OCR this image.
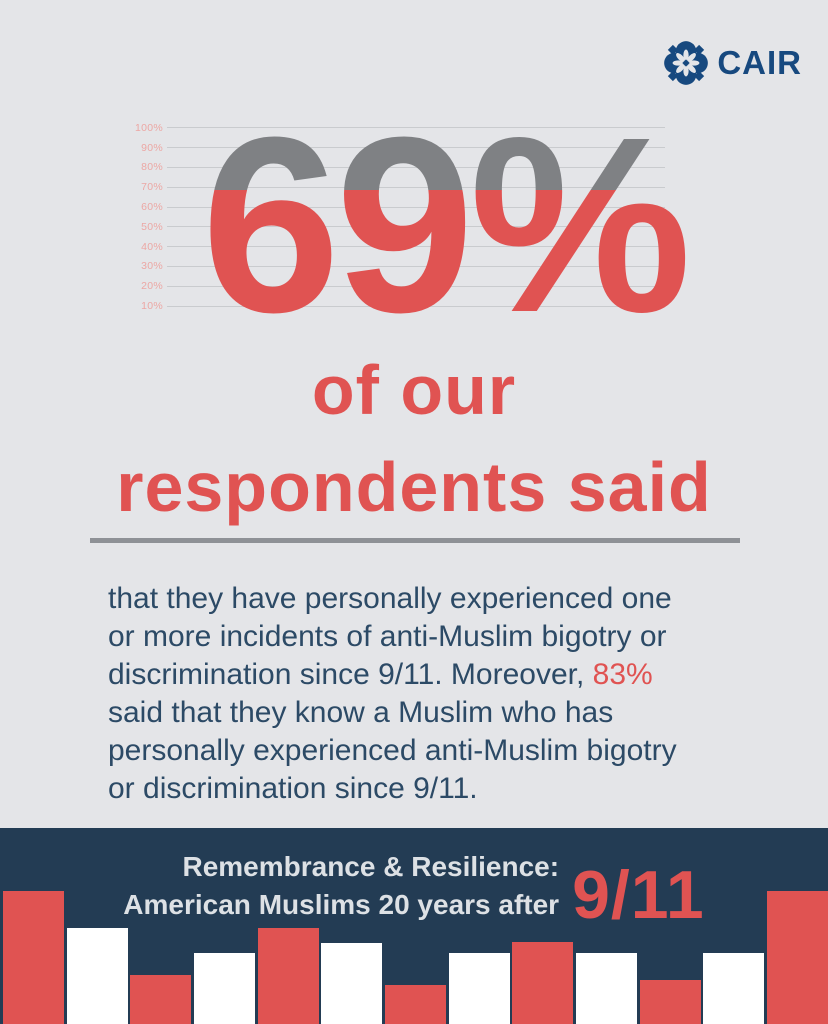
CAIR
69%
of our
respondents said
that they have personally experienced one
or more incidents of anti-Muslim bigotry or
discrimination since 9/11. Moreover, 83%
said that they know a Muslim who has
personally experienced anti-Muslim bigotry
or discrimination since 9/11.
Remembrance & Resilience:
American Muslims 20 years after 9/11
